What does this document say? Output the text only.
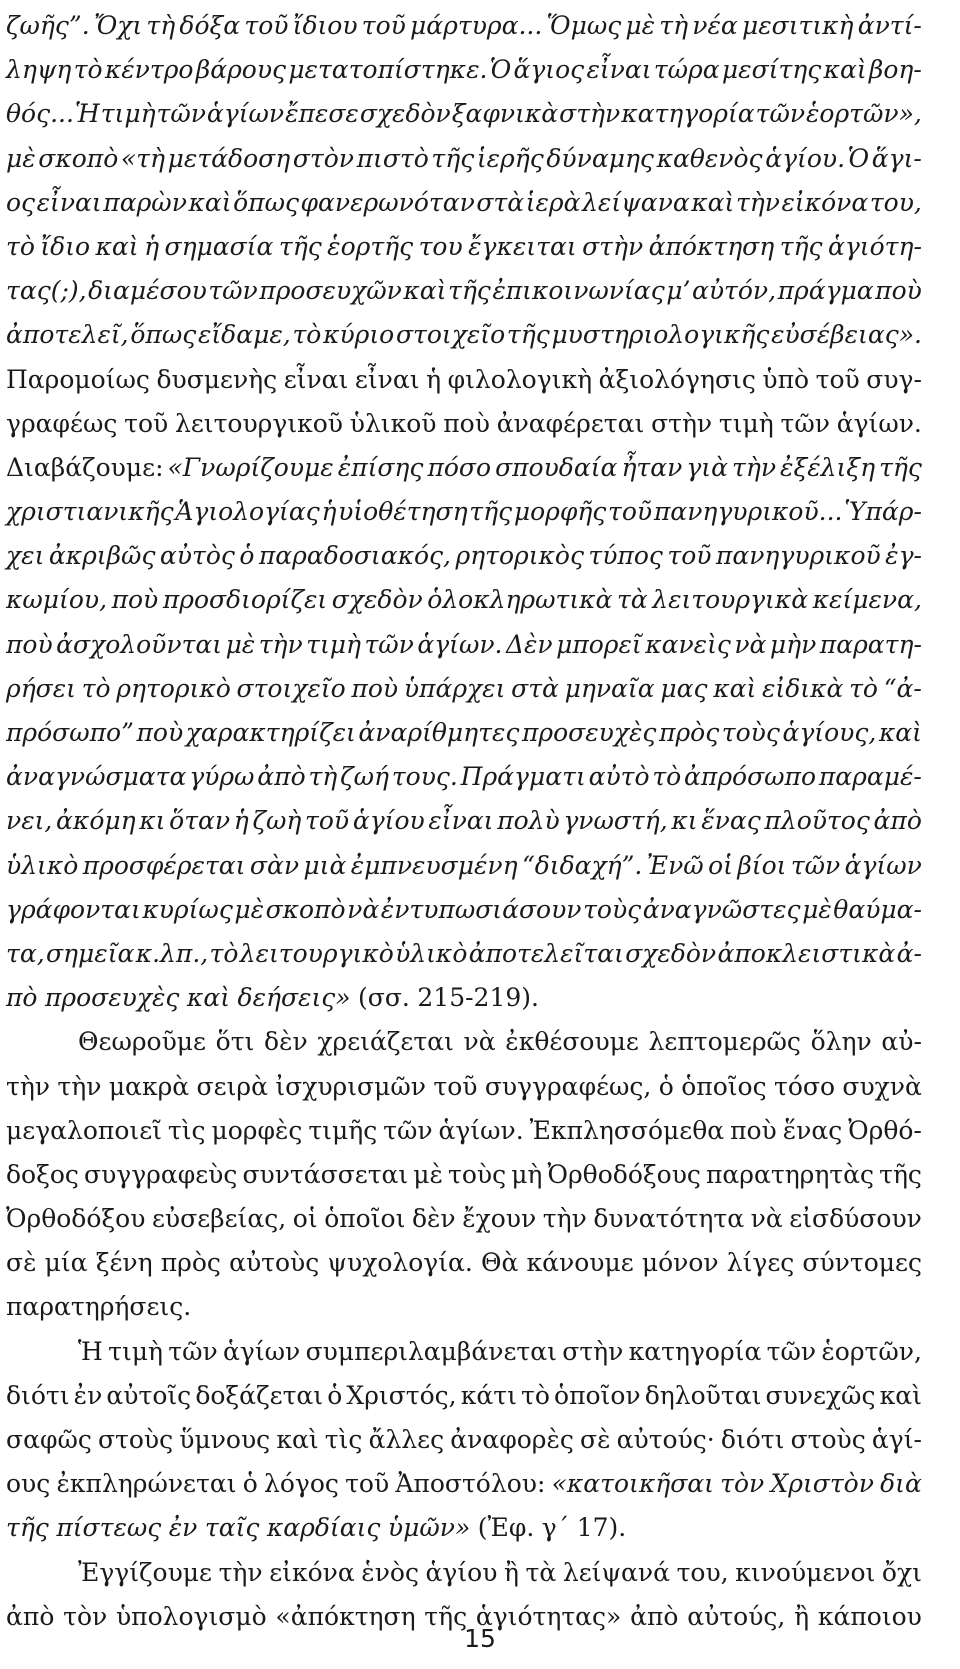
ζωῆς”. Ὄχι τὴ δόξα τοῦ ἴδιου τοῦ μάρτυρα... Ὅμως μὲ τὴ νέα μεσιτικὴ ἀντί-
ληψη τὸ κέντρο βάρους μετατοπίστηκε. Ὁ ἅγιος εἶναι τώρα μεσίτης καὶ βοη-
θός... Ἡ τιμὴ τῶν ἁγίων ἔπεσε σχεδὸν ξαφνικὰ στὴν κατηγορία τῶν ἑορτῶν»,
μὲ σκοπὸ «τὴ μετάδοση στὸν πιστὸ τῆς ἱερῆς δύναμης καθενὸς ἁγίου. Ὁ ἅγι-
ος εἶναι παρὼν καὶ ὅπως φανερωνόταν στὰ ἱερὰ λείψανα καὶ τὴν εἰκόνα του,
τὸ ἴδιο καὶ ἡ σημασία τῆς ἑορτῆς του ἔγκειται στὴν ἀπόκτηση τῆς ἁγιότη-
τας(;), διαμέσου τῶν προσευχῶν καὶ τῆς ἐπικοινωνίας μ’ αὐτόν, πράγμα ποὺ
ἀποτελεῖ, ὅπως εἴδαμε, τὸ κύριο στοιχεῖο τῆς μυστηριολογικῆς εὐσέβειας».
Παρομοίως δυσμενὴς εἶναι εἶναι ἡ φιλολογικὴ ἀξιολόγησις ὑπὸ τοῦ συγ-
γραφέως τοῦ λειτουργικοῦ ὑλικοῦ ποὺ ἀναφέρεται στὴν τιμὴ τῶν ἁγίων.
Διαβάζουμε: «Γνωρίζουμε ἐπίσης πόσο σπουδαία ἦταν γιὰ τὴν ἐξέλιξη τῆς
χριστιανικῆς Ἁγιολογίας ἡ υἱοθέτηση τῆς μορφῆς τοῦ πανηγυρικοῦ... Ὑπάρ-
χει ἀκριβῶς αὐτὸς ὁ παραδοσιακός, ρητορικὸς τύπος τοῦ πανηγυρικοῦ ἐγ-
κωμίου, ποὺ προσδιορίζει σχεδὸν ὁλοκληρωτικὰ τὰ λειτουργικὰ κείμενα,
ποὺ ἀσχολοῦνται μὲ τὴν τιμὴ τῶν ἁγίων. Δὲν μπορεῖ κανεὶς νὰ μὴν παρατη-
ρήσει τὸ ρητορικὸ στοιχεῖο ποὺ ὑπάρχει στὰ μηναῖα μας καὶ εἰδικὰ τὸ “ἀ-
πρόσωπο” ποὺ χαρακτηρίζει ἀναρίθμητες προσευχὲς πρὸς τοὺς ἁγίους, καὶ
ἀναγνώσματα γύρω ἀπὸ τὴ ζωή τους. Πράγματι αὐτὸ τὸ ἀπρόσωπο παραμέ-
νει, ἀκόμη κι ὅταν ἡ ζωὴ τοῦ ἁγίου εἶναι πολὺ γνωστή, κι ἕνας πλοῦτος ἀπὸ
ὑλικὸ προσφέρεται σὰν μιὰ ἐμπνευσμένη “διδαχή”. Ἐνῶ οἱ βίοι τῶν ἁγίων
γράφονται κυρίως μὲ σκοπὸ νὰ ἐντυπωσιάσουν τοὺς ἀναγνῶστες μὲ θαύμα-
τα, σημεῖα κ.λπ., τὸ λειτουργικὸ ὑλικὸ ἀποτελεῖται σχεδὸν ἀποκλειστικὰ ἀ-
πὸ προσευχὲς καὶ δεήσεις» (σσ. 215-219).
Θεωροῦμε ὅτι δὲν χρειάζεται νὰ ἐκθέσουμε λεπτομερῶς ὅλην αὐ-
τὴν τὴν μακρὰ σειρὰ ἰσχυρισμῶν τοῦ συγγραφέως, ὁ ὁποῖος τόσο συχνὰ
μεγαλοποιεῖ τὶς μορφὲς τιμῆς τῶν ἁγίων. Ἐκπλησσόμεθα ποὺ ἕνας Ὀρθό-
δοξος συγγραφεὺς συντάσσεται μὲ τοὺς μὴ Ὀρθοδόξους παρατηρητὰς τῆς
Ὀρθοδόξου εὐσεβείας, οἱ ὁποῖοι δὲν ἔχουν τὴν δυνατότητα νὰ εἰσδύσουν
σὲ μία ξένη πρὸς αὐτοὺς ψυχολογία. Θὰ κάνουμε μόνον λίγες σύντομες
παρατηρήσεις.
Ἡ τιμὴ τῶν ἁγίων συμπεριλαμβάνεται στὴν κατηγορία τῶν ἑορτῶν,
διότι ἐν αὐτοῖς δοξάζεται ὁ Χριστός, κάτι τὸ ὁποῖον δηλοῦται συνεχῶς καὶ
σαφῶς στοὺς ὕμνους καὶ τὶς ἄλλες ἀναφορὲς σὲ αὐτούς· διότι στοὺς ἁγί-
ους ἐκπληρώνεται ὁ λόγος τοῦ Ἀποστόλου: «κατοικῆσαι τὸν Χριστὸν διὰ
τῆς πίστεως ἐν ταῖς καρδίαις ὑμῶν» (Ἐφ. γ΄ 17).
Ἐγγίζουμε τὴν εἰκόνα ἑνὸς ἁγίου ἢ τὰ λείψανά του, κινούμενοι ὄχι
ἀπὸ τὸν ὑπολογισμὸ «ἀπόκτηση τῆς ἁγιότητας» ἀπὸ αὐτούς, ἢ κάποιου
15
